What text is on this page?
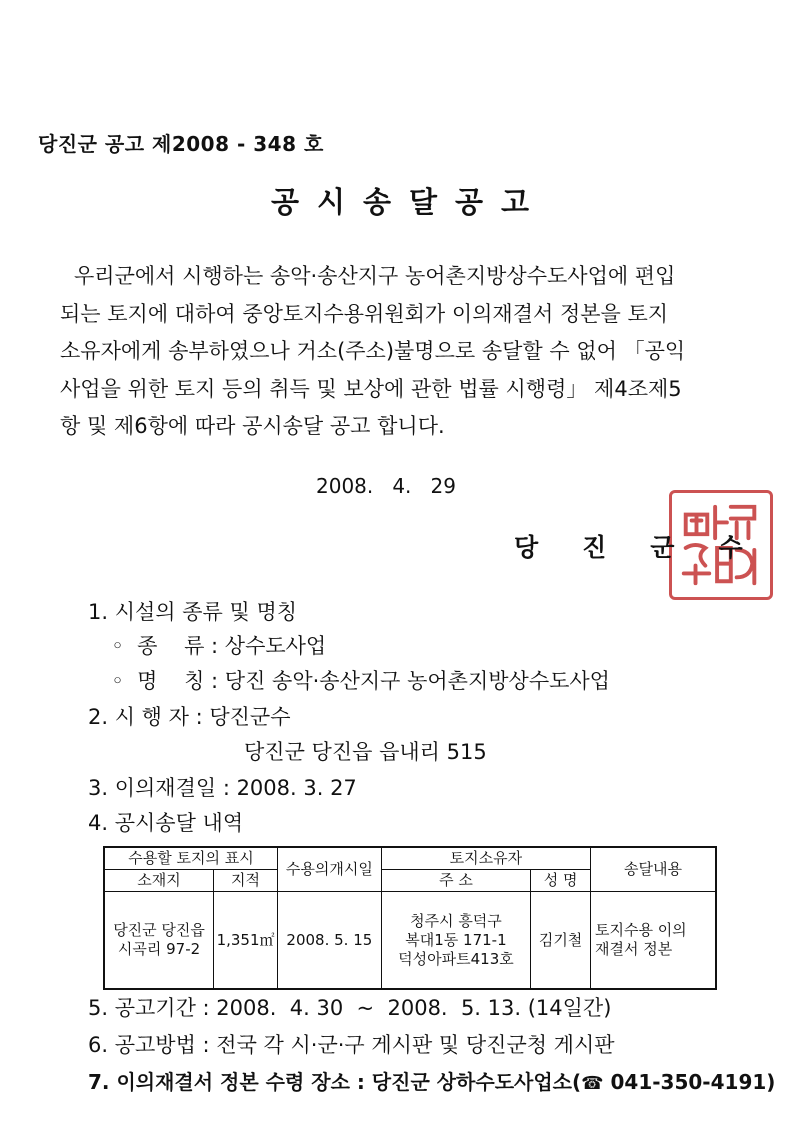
당진군 공고 제2008 - 348 호
공시송달공고
우리군에서 시행하는 송악·송산지구 농어촌지방상수도사업에 편입
되는 토지에 대하여 중앙토지수용위원회가 이의재결서 정본을 토지
소유자에게 송부하였으나 거소(주소)불명으로 송달할 수 없어 「공익
사업을 위한 토지 등의 취득 및 보상에 관한 법률 시행령」 제4조제5
항 및 제6항에 따라 공시송달 공고 합니다.
2008.   4.   29
당진군수
1. 시설의 종류 및 명칭
◦  종    류 : 상수도사업
◦  명    칭 : 당진 송악·송산지구 농어촌지방상수도사업
2. 시 행 자 : 당진군수
당진군 당진읍 읍내리 515
3. 이의재결일 : 2008. 3. 27
4. 공시송달 내역
수용할 토지의 표시		수용의개시일	토지소유자		송달내용
소재지	지적		주 소	성 명	

당진군 당진읍
시곡리 97-2	1,351㎡	2008. 5. 15	청주시 흥덕구
복대1동 171-1
덕성아파트413호	김기철	토지수용 이의
재결서 정본
5. 공고기간 : 2008.  4. 30  ~  2008.  5. 13. (14일간)
6. 공고방법 : 전국 각 시·군·구 게시판 및 당진군청 게시판
7. 이의재결서 정본 수령 장소 : 당진군 상하수도사업소(☎ 041-350-4191)
